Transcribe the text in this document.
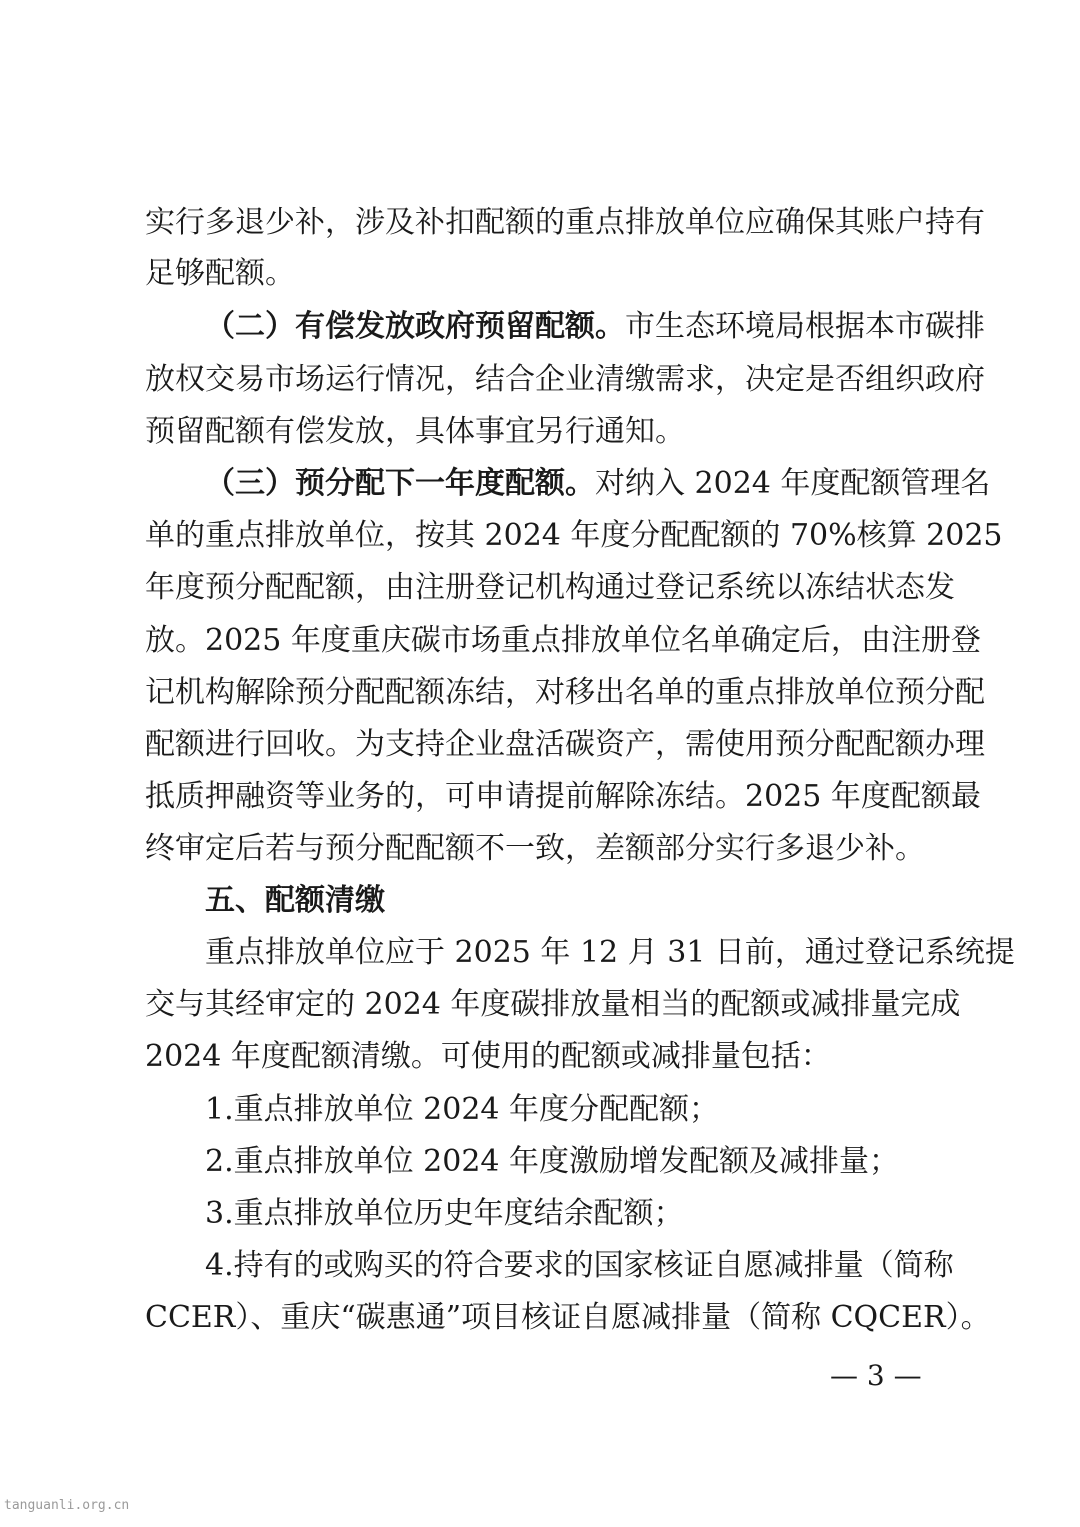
实行多退少补，涉及补扣配额的重点排放单位应确保其账户持有
足够配额。
（二）有偿发放政府预留配额。市生态环境局根据本市碳排
放权交易市场运行情况，结合企业清缴需求，决定是否组织政府
预留配额有偿发放，具体事宜另行通知。
（三）预分配下一年度配额。对纳入 2024 年度配额管理名
单的重点排放单位，按其 2024 年度分配配额的 70%核算 2025
年度预分配配额，由注册登记机构通过登记系统以冻结状态发
放。2025 年度重庆碳市场重点排放单位名单确定后，由注册登
记机构解除预分配配额冻结，对移出名单的重点排放单位预分配
配额进行回收。为支持企业盘活碳资产，需使用预分配配额办理
抵质押融资等业务的，可申请提前解除冻结。2025 年度配额最
终审定后若与预分配配额不一致，差额部分实行多退少补。
五、配额清缴
重点排放单位应于 2025 年 12 月 31 日前，通过登记系统提
交与其经审定的 2024 年度碳排放量相当的配额或减排量完成
2024 年度配额清缴。可使用的配额或减排量包括：
1.重点排放单位 2024 年度分配配额；
2.重点排放单位 2024 年度激励增发配额及减排量；
3.重点排放单位历史年度结余配额；
4.持有的或购买的符合要求的国家核证自愿减排量（简称
CCER）、重庆“碳惠通”项目核证自愿减排量（简称 CQCER）。
— 3 —
tanguanli.org.cn
